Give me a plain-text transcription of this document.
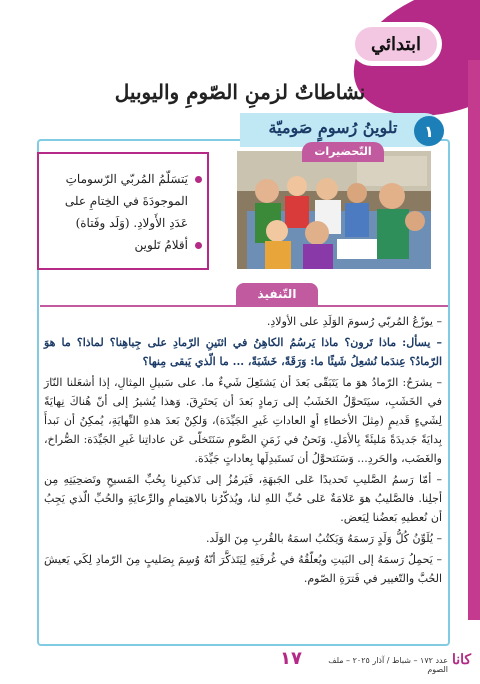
ابتدائي
نشاطاتٌ لزمنِ الصّومِ واليوبيل
١
تلوينُ رُسومٍ صَوميّة
التّحضيرات
يَتسَلّمُ المُربّي الرّسوماتِ الموجودَةَ في الخِتامِ على عَدَدِ الأَولادِ. (وَلَد وفَتاة)
أقلامُ تَلوين
التّنفيذ

– يوزّعُ المُربّي رُسومَ الوَلَدِ على الأولادِ.

– يسأل: ماذا تَرون؟ ماذا يَرسُمُ الكاهِنُ في اثنَينِ الرّمادِ على جِباهِنا؟ لماذا؟ ما هوَ الرّمادُ؟ عِندَما نُشعِلُ شَيئًا ما: وَرَقَةً، خَشَبَةً، ... ما الّذي يَبقى مِنها؟

– يشرَحُ: الرّمادُ هوَ ما يَتَبَقّى بَعدَ أن يَشتَعِلَ شَيءٌ ما. على سَبيلِ المِثالِ، إذا أشعَلنا النّارَ في الخَشَبِ، سيَتَحوَّلُ الخَشَبُ إلى رَمادٍ بَعدَ أن يَحتَرِقَ. وَهذا يُشيرُ إلى أنّ هُناكَ نِهايَةً لِشَيءٍ قَديمٍ (مِثلَ الأخطاءِ أوِ العاداتِ غَيرِ الجَيِّدَة)، وَلكِنْ بَعدَ هذهِ النِّهايَةِ، يُمكِنُ أن نَبدأَ بِدايَةً جَديدَةً مَليئَةً بِالأمَلِ. وَنَحنُ في زَمَنِ الصَّومِ سَنَتَخلّى عَن عاداتِنا غَيرِ الجَيِّدَة: الصُّراخ، والغَضَب، والحَردِ... وَسَنَتحوَّلُ أن نَستَبدِلَها بِعاداتٍ جَيِّدَة.

– أمّا رَسمُ الصَّليبِ تَحديدًا عَلى الجَبهَةِ، فَيَرمُزُ إلى تَذكيرِنا بِحُبِّ المَسيحِ وتَضحِيَتِهِ مِن أجلِنا. فالصَّليبُ هوَ عَلامَةٌ عَلى حُبِّ اللهِ لنا، ويُذكّرُنا بالاهتِمامِ والرِّعايَةِ والحُبِّ الّذي يَجِبُ أن نُعطيهِ بَعضُنا لِبَعض.

– يُلَوِّنُ كُلُّ وَلَدٍ رَسمَهُ وَيَكتُبُ اسمَهُ بالقُربِ مِنَ الوَلَد.

– يَحمِلُ رَسمَهُ إلى البَيتِ ويُعلّقُهُ في غُرفَتِهِ لِيَتَذكَّرَ أنّهُ وُسِمَ بِصَليبٍ مِنَ الرّمادِ لِكَي يَعيشَ الحُبَّ والتّغيير في فَترَةِ الصّوم.

كانا
عدد ١٧٢ – شباط / آذار ٢٠٢٥ – ملف الصوم
١٧
